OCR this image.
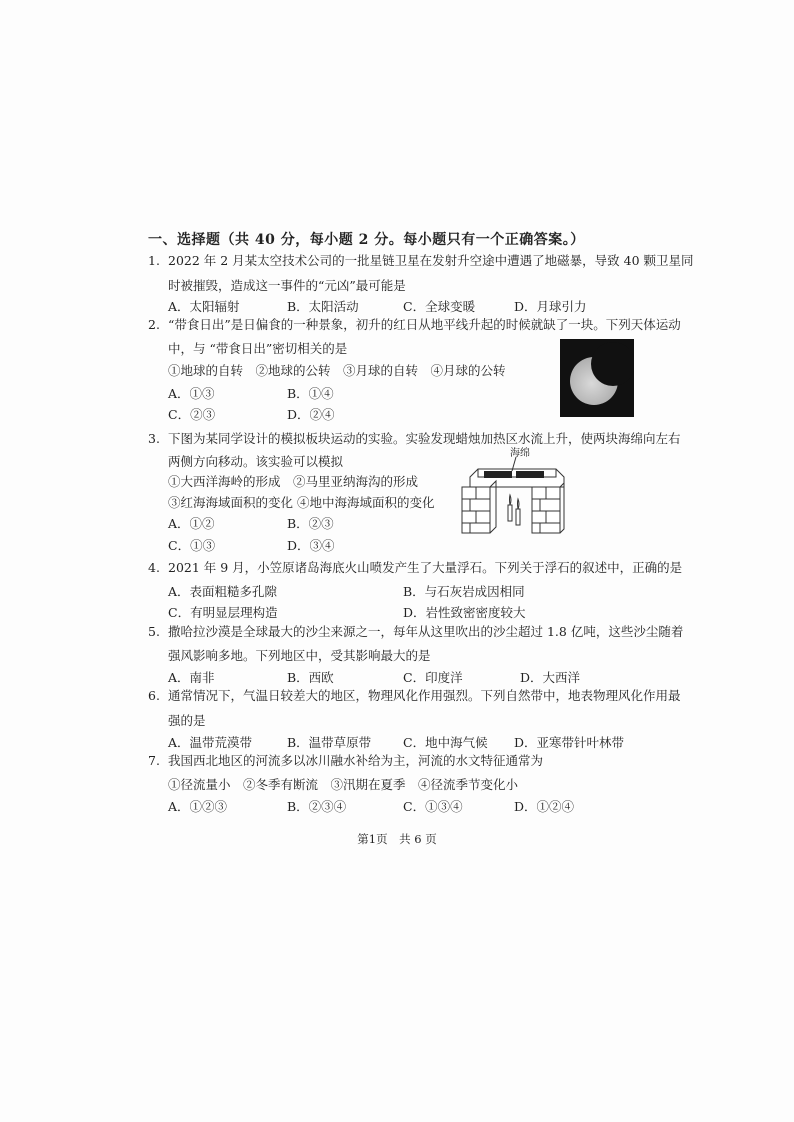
一、选择题（共 40 分，每小题 2 分。每小题只有一个正确答案。）
1. 2022 年 2 月某太空技术公司的一批星链卫星在发射升空途中遭遇了地磁暴，导致 40 颗卫星同
时被摧毁，造成这一事件的“元凶”最可能是
A．太阳辐射	B．太阳活动	C．全球变暖	D．月球引力
2. “带食日出”是日偏食的一种景象，初升的红日从地平线升起的时候就缺了一块。下列天体运动
中，与 “带食日出”密切相关的是
①地球的自转　②地球的公转　③月球的自转　④月球的公转
A．①③	B．①④
C．②③	D．②④
3. 下图为某同学设计的模拟板块运动的实验。实验发现蜡烛加热区水流上升，使两块海绵向左右
两侧方向移动。该实验可以模拟
①大西洋海岭的形成　②马里亚纳海沟的形成
③红海海域面积的变化 ④地中海海域面积的变化
A．①②	B．②③
C．①③	D．③④
海绵
4. 2021 年 9 月，小笠原诸岛海底火山喷发产生了大量浮石。下列关于浮石的叙述中，正确的是
A．表面粗糙多孔隙	B．与石灰岩成因相同
C．有明显层理构造	D．岩性致密密度较大
5. 撒哈拉沙漠是全球最大的沙尘来源之一，每年从这里吹出的沙尘超过 1.8 亿吨，这些沙尘随着
强风影响多地。下列地区中，受其影响最大的是
A．南非	B．西欧	C．印度洋	D．大西洋
6. 通常情况下，气温日较差大的地区，物理风化作用强烈。下列自然带中，地表物理风化作用最
强的是
A．温带荒漠带	B．温带草原带	C．地中海气候 D．亚寒带针叶林带
7. 我国西北地区的河流多以冰川融水补给为主，河流的水文特征通常为
①径流量小　②冬季有断流　③汛期在夏季　④径流季节变化小
A．①②③	B．②③④	C．①③④	D．①②④
第1页　共 6 页
